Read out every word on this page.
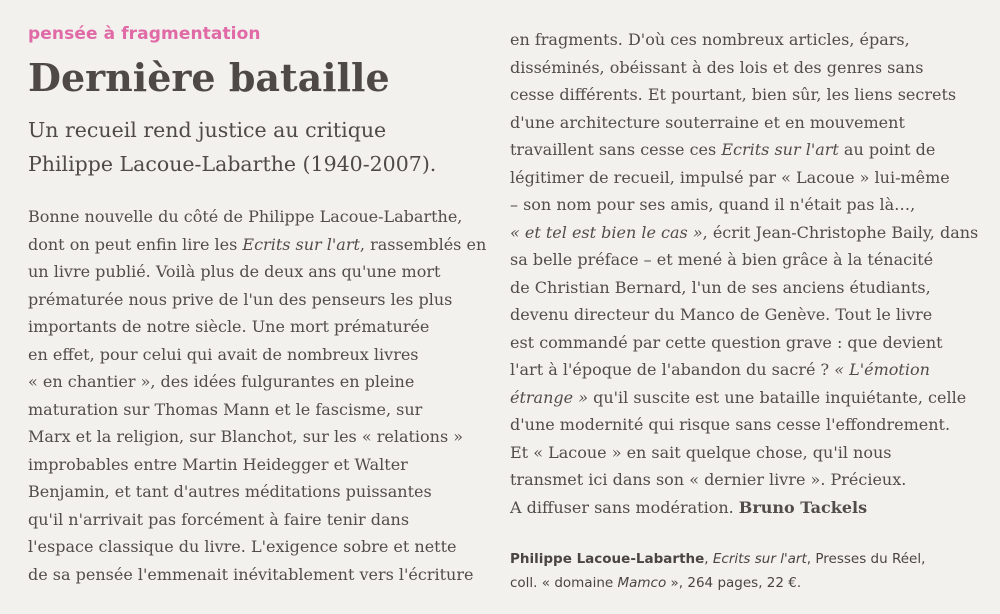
pensée à fragmentation
Dernière bataille
Un recueil rend justice au critique
Philippe Lacoue-Labarthe (1940-2007).
Bonne nouvelle du côté de Philippe Lacoue-Labarthe,
dont on peut enfin lire les Ecrits sur l'art, rassemblés en
un livre publié. Voilà plus de deux ans qu'une mort
prématurée nous prive de l'un des penseurs les plus
importants de notre siècle. Une mort prématurée
en effet, pour celui qui avait de nombreux livres
« en chantier », des idées fulgurantes en pleine
maturation sur Thomas Mann et le fascisme, sur
Marx et la religion, sur Blanchot, sur les « relations »
improbables entre Martin Heidegger et Walter
Benjamin, et tant d'autres méditations puissantes
qu'il n'arrivait pas forcément à faire tenir dans
l'espace classique du livre. L'exigence sobre et nette
de sa pensée l'emmenait inévitablement vers l'écriture
en fragments. D'où ces nombreux articles, épars,
disséminés, obéissant à des lois et des genres sans
cesse différents. Et pourtant, bien sûr, les liens secrets
d'une architecture souterraine et en mouvement
travaillent sans cesse ces Ecrits sur l'art au point de
légitimer de recueil, impulsé par « Lacoue » lui-même
– son nom pour ses amis, quand il n'était pas là…,
« et tel est bien le cas », écrit Jean-Christophe Baily, dans
sa belle préface – et mené à bien grâce à la ténacité
de Christian Bernard, l'un de ses anciens étudiants,
devenu directeur du Manco de Genève. Tout le livre
est commandé par cette question grave : que devient
l'art à l'époque de l'abandon du sacré ? « L'émotion
étrange » qu'il suscite est une bataille inquiétante, celle
d'une modernité qui risque sans cesse l'effondrement.
Et « Lacoue » en sait quelque chose, qu'il nous
transmet ici dans son « dernier livre ». Précieux.
A diffuser sans modération. Bruno Tackels
Philippe Lacoue-Labarthe, Ecrits sur l'art, Presses du Réel,
coll. « domaine Mamco », 264 pages, 22 €.
